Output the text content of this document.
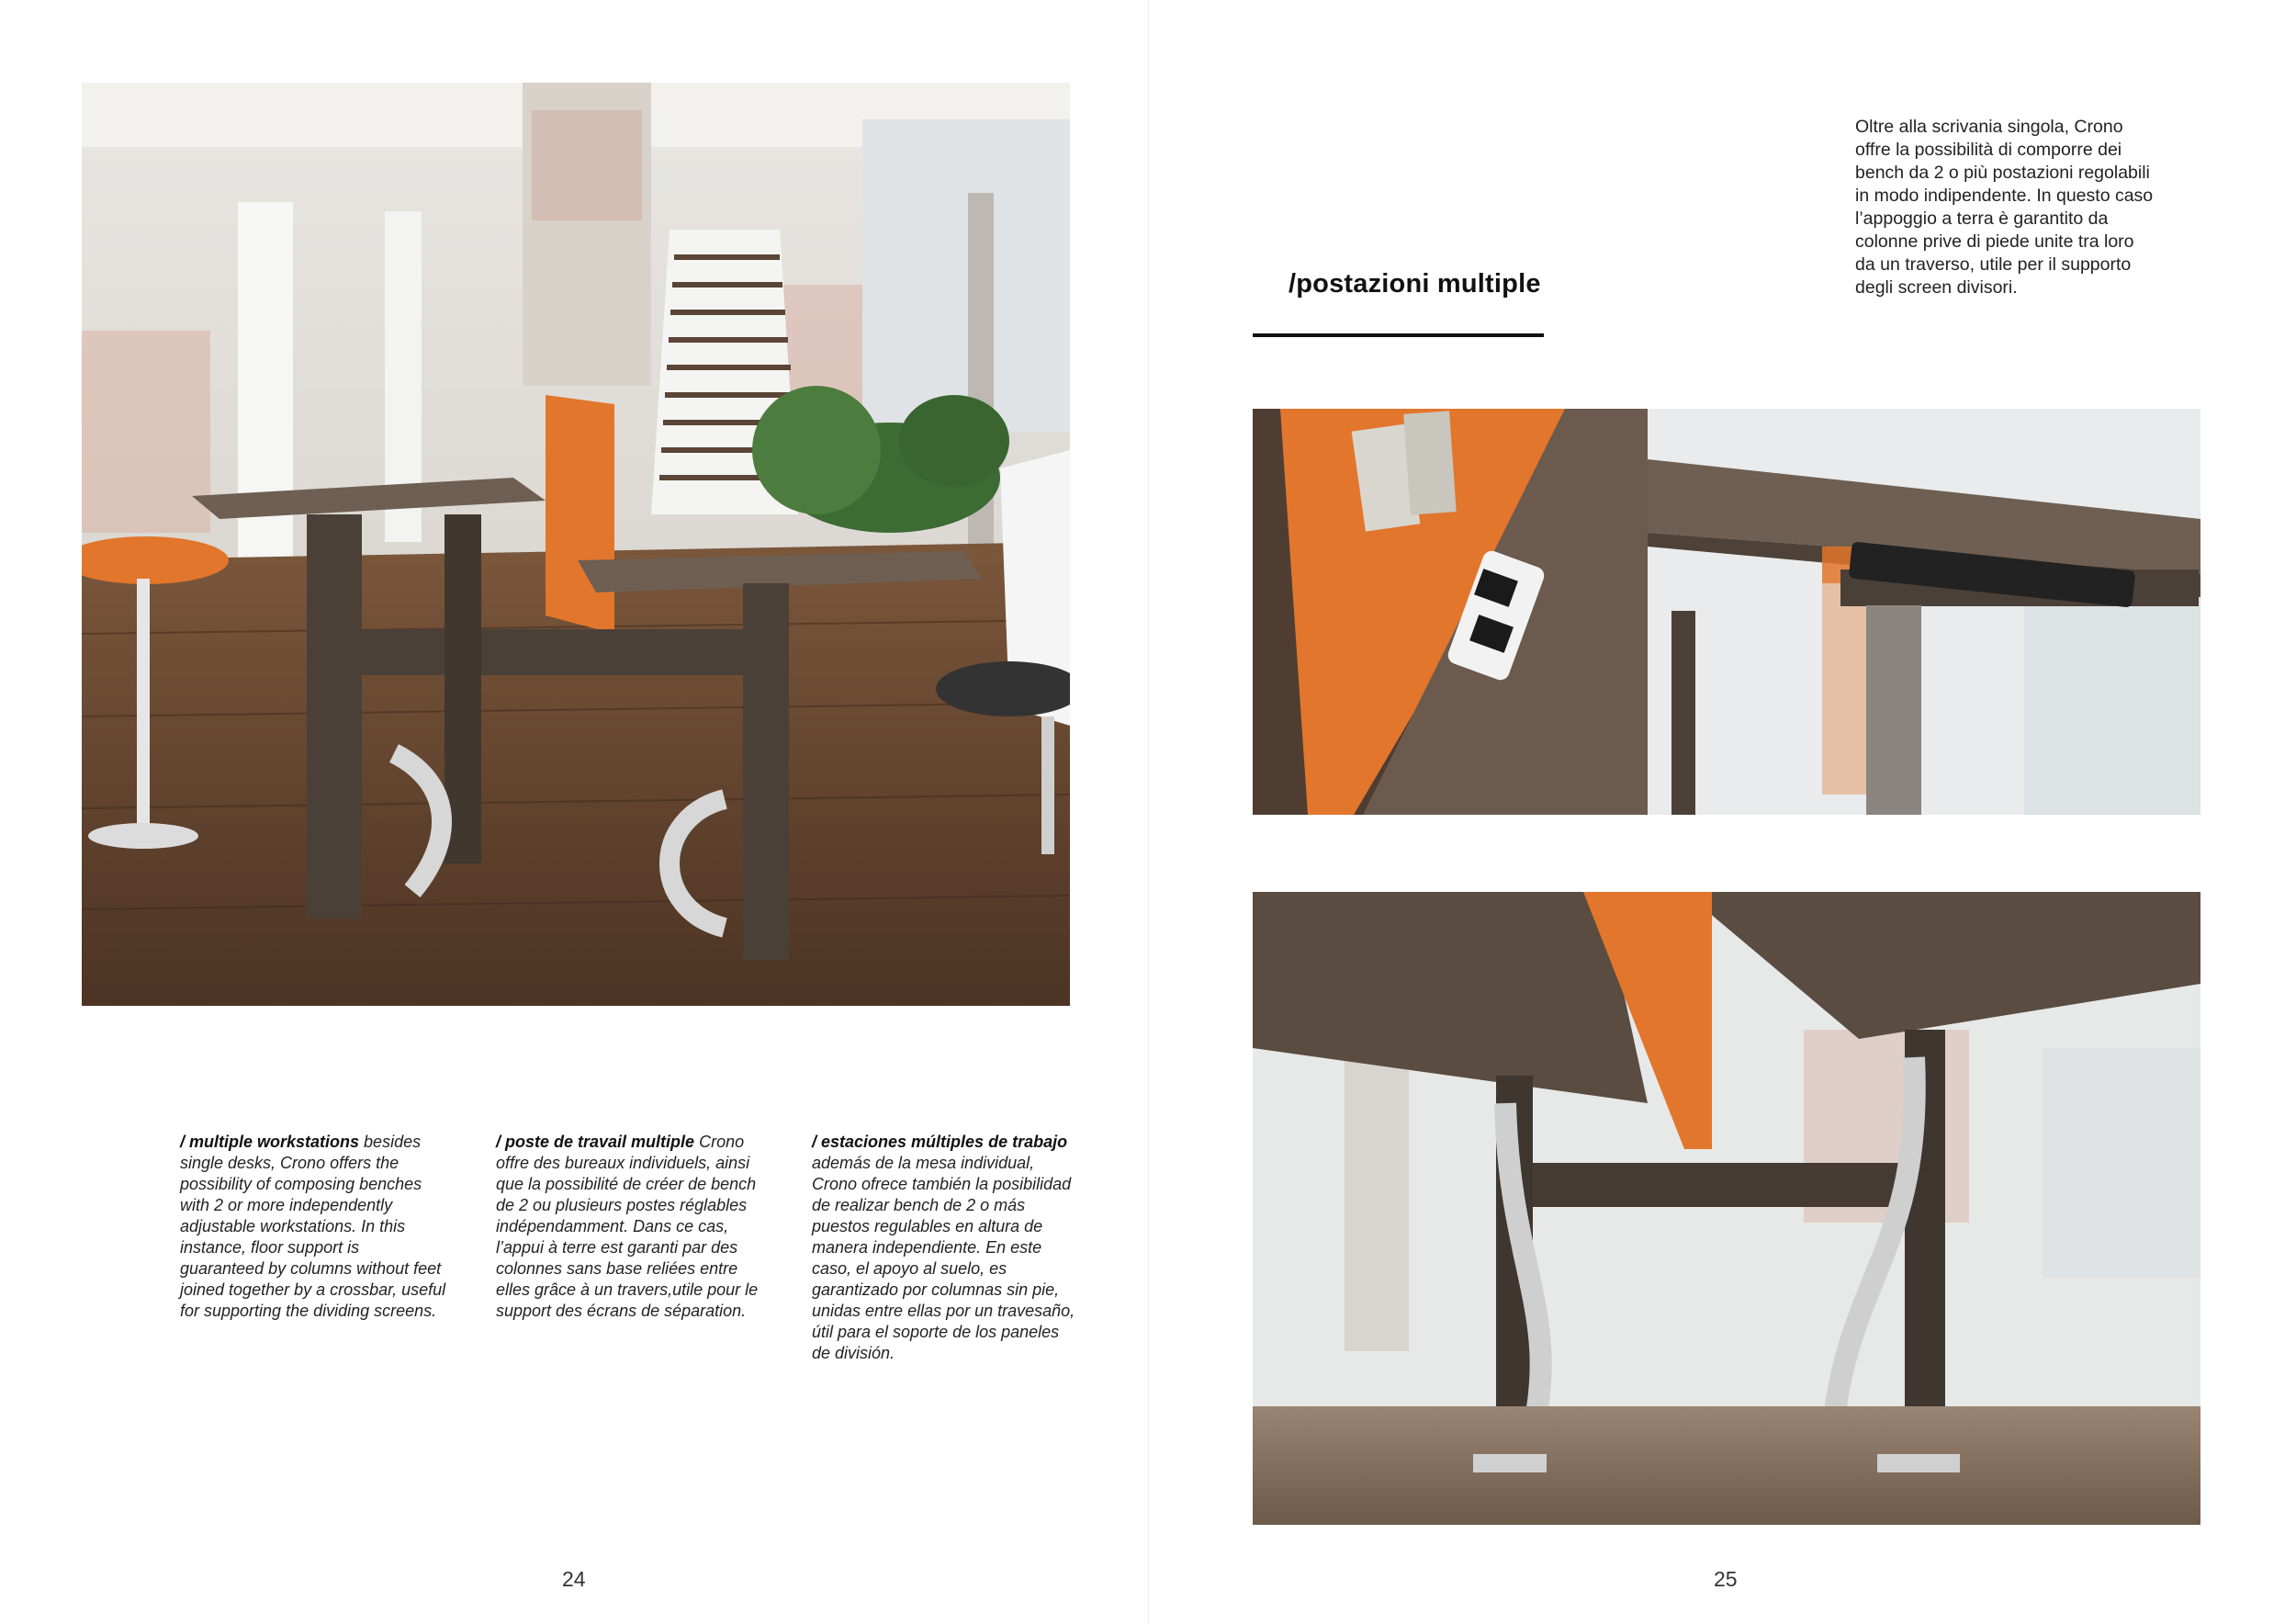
/ multiple workstations besides single desks, Crono offers the possibility of composing benches with 2 or more independently adjustable workstations. In this instance, floor support is guaranteed by columns without feet joined together by a crossbar, useful for supporting the dividing screens.
/ poste de travail multiple Crono offre des bureaux individuels, ainsi que la possibilité de créer de bench de 2 ou plusieurs postes réglables indépendamment. Dans ce cas, l’appui à terre est garanti par des colonnes sans base reliées entre elles grâce à un travers,utile pour le support des écrans de séparation.
/ estaciones múltiples de trabajo además de la mesa individual, Crono ofrece también la posibilidad de realizar bench de 2 o más puestos regulables en altura de manera independiente. En este caso, el apoyo al suelo, es garantizado por columnas sin pie, unidas entre ellas por un travesaño, útil para el soporte de los paneles de división.
24
/postazioni multiple
Oltre alla scrivania singola, Crono offre la possibilità di comporre dei bench da 2 o più postazioni regolabili in modo indipendente. In questo caso l’appoggio a terra è garantito da colonne prive di piede unite tra loro da un traverso, utile per il supporto degli screen divisori.
25
